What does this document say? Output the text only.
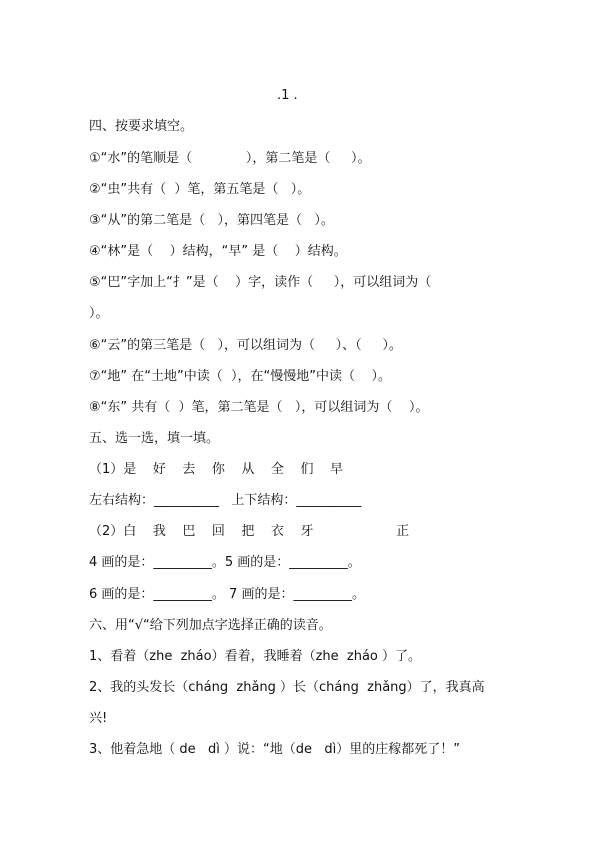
.1 .
四、按要求填空。
①“水”的笔顺是（             ），第二笔是（     ）。
②“虫”共有（  ）笔，第五笔是（   ）。
③“从”的第二笔是（   ），第四笔是（   ）。
④“林”是（    ）结构，“早” 是（    ）结构。
⑤“巴”字加上“扌”是（    ）字，读作（     ），可以组词为（
）。
⑥“云”的第三笔是（   ），可以组词为（     ）、（     ）。
⑦“地” 在“土地”中读（  ），在“慢慢地”中读（    ）。
⑧“东” 共有（  ）笔，第二笔是（   ），可以组词为（    ）。
五、选一选，填一填。
（1）是    好    去    你    从    全    们    早
左右结构：__________   上下结构：__________
（2）白    我    巴    回    把    衣    牙                    正
4 画的是：_________。5 画的是：_________。
6 画的是：_________。 7 画的是：_________。
六、用“√“给下列加点字选择正确的读音。
1、看着（zhe  zháo）看着，我睡着（zhe  zháo ）了。
2、我的头发长（cháng  zhǎng ）长（cháng  zhǎng）了，我真高
兴!
3、他着急地（ de   dì ）说：“地（de   dì）里的庄稼都死了！”
